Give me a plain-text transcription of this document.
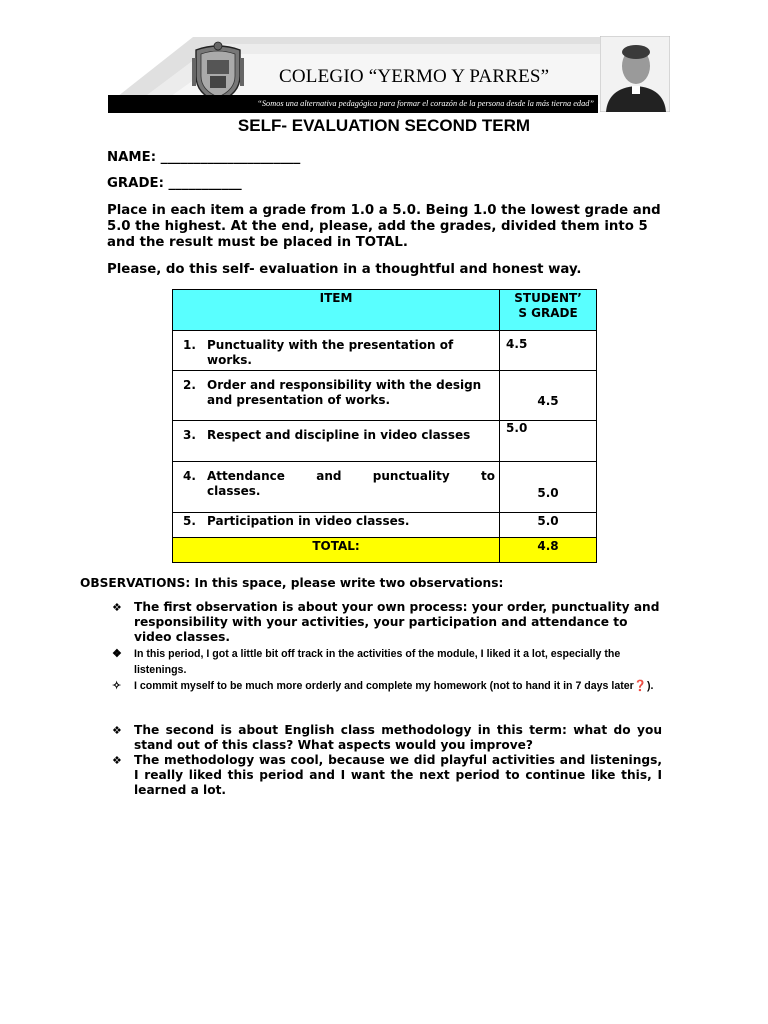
COLEGIO “YERMO Y PARRES”
“Somos una alternativa pedagógica para formar el corazón de la persona desde la más tierna edad”
SELF- EVALUATION SECOND TERM
NAME: _____________________
GRADE: ___________
Place in each item a grade from 1.0 a 5.0. Being 1.0 the lowest grade and 5.0 the highest. At the end, please, add the grades, divided them into 5 and the result must be placed in TOTAL.
Please, do this self- evaluation in a thoughtful and honest way.
ITEM	STUDENT’ S GRADE

1. Punctuality with the presentation of works.	4.5

2. Order and responsibility with the design and presentation of works.	4.5

3. Respect and discipline in video classes	5.0

4. Attendance and punctuality to
classes.	5.0

5. Participation in video classes.	5.0

TOTAL:	4.8
OBSERVATIONS: In this space, please write two observations:
❖ The first observation is about your own process: your order, punctuality and responsibility with your activities, your participation and attendance to video classes.
❖	In this period, I got a little bit off track in the activities of the module, I liked it a lot, especially the listenings.
✧	I commit myself to be much more orderly and complete my homework (not to hand it in 7 days later❓).
❖ The second is about English class methodology in this term: what do you stand out of this class? What aspects would you improve?
❖ The methodology was cool, because we did playful activities and listenings, I really liked this period and I want the next period to continue like this, I learned a lot.
